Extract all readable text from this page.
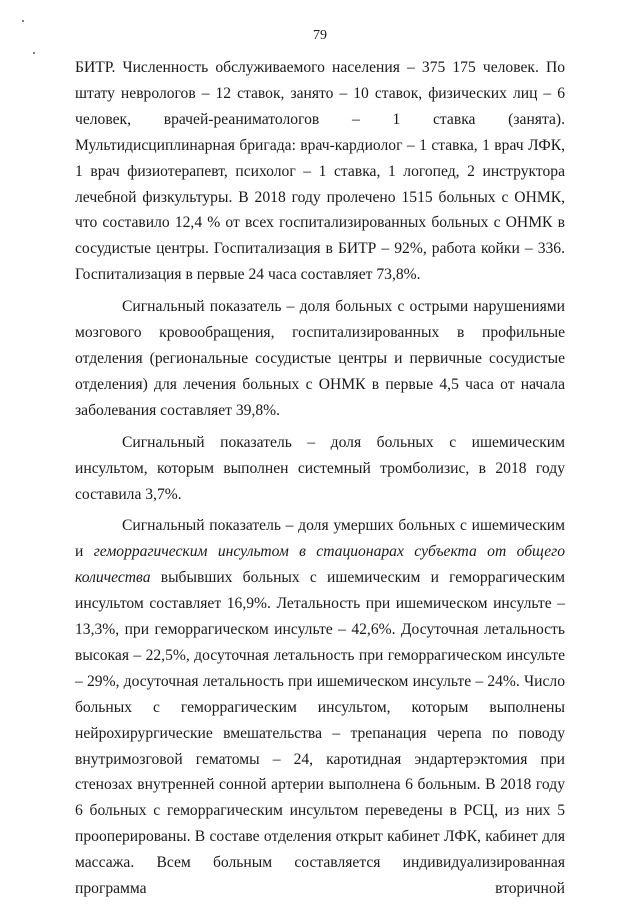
79

БИТР. Численность обслуживаемого населения – 375 175 человек. По штату неврологов – 12 ставок, занято – 10 ставок, физических лиц – 6 человек, врачей-реаниматологов – 1 ставка (занята). Мультидисциплинарная бригада: врач-кардиолог – 1 ставка, 1 врач ЛФК, 1 врач физиотерапевт, психолог – 1 ставка, 1 логопед, 2 инструктора лечебной физкультуры. В 2018 году пролечено 1515 больных с ОНМК, что составило 12,4 % от всех госпитализированных больных с ОНМК в сосудистые центры. Госпитализация в БИТР – 92%, работа койки – 336. Госпитализация в первые 24 часа составляет 73,8%.

Сигнальный показатель – доля больных с острыми нарушениями мозгового кровообращения, госпитализированных в профильные отделения (региональные сосудистые центры и первичные сосудистые отделения) для лечения больных с ОНМК в первые 4,5 часа от начала заболевания составляет 39,8%.

Сигнальный показатель – доля больных с ишемическим инсультом, которым выполнен системный тромболизис, в 2018 году составила 3,7%.

Сигнальный показатель – доля умерших больных с ишемическим и геморрагическим инсультом в стационарах субъекта от общего количества выбывших больных с ишемическим и геморрагическим инсультом составляет 16,9%. Летальность при ишемическом инсульте – 13,3%, при геморрагическом инсульте – 42,6%. Досуточная летальность высокая – 22,5%, досуточная летальность при геморрагическом инсульте – 29%, досуточная летальность при ишемическом инсульте – 24%. Число больных с геморрагическим инсультом, которым выполнены нейрохирургические вмешательства – трепанация черепа по поводу внутримозговой гематомы – 24, каротидная эндартерэктомия при стенозах внутренней сонной артерии выполнена 6 больным. В 2018 году 6 больных с геморрагическим инсультом переведены в РСЦ, из них 5 прооперированы. В составе отделения открыт кабинет ЛФК, кабинет для массажа. Всем больным составляется индивидуализированная программа вторичной
